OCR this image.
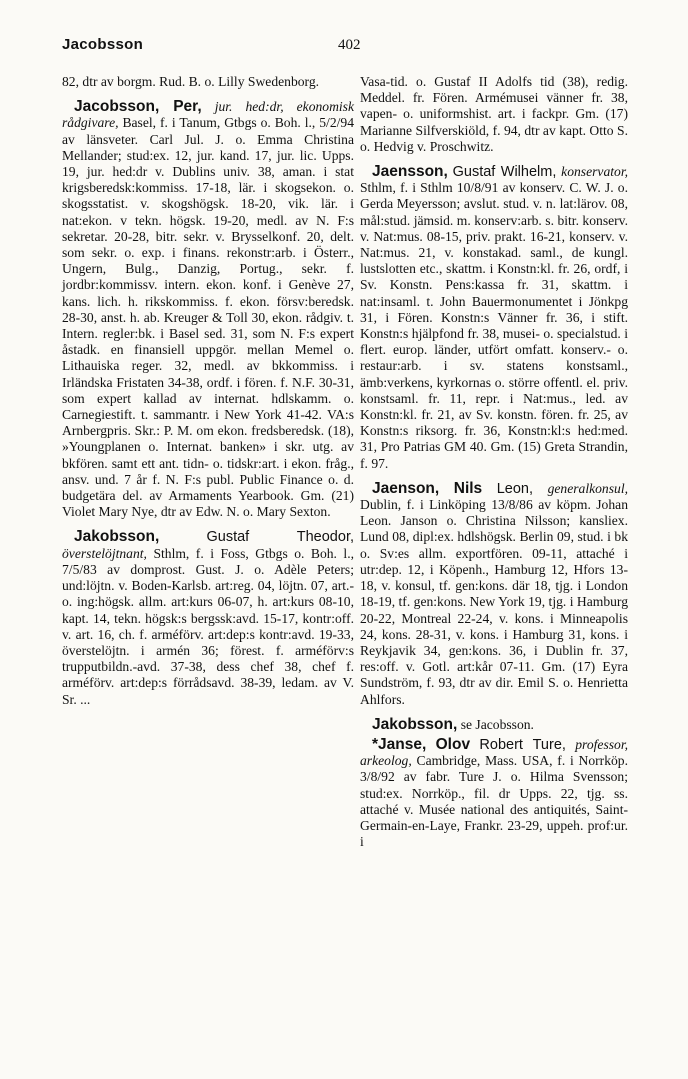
Jacobsson	402

82, dtr av borgm. Rud. B. o. Lilly Swedenborg.

Jacobsson, Per, jur. hed:dr, ekonomisk rådgivare, Basel, f. i Tanum, Gtbgs o. Boh. l., 5/2/94 av länsveter. Carl Jul. J. o. Emma Christina Mellander; stud:ex. 12, jur. kand. 17, jur. lic. Upps. 19, jur. hed:dr v. Dublins univ. 38, aman. i stat krigsberedsk:kommiss. 17-18, lär. i skogsekon. o. skogsstatist. v. skogshögsk. 18-20, vik. lär. i nat:ekon. v tekn. högsk. 19-20, medl. av N. F:s sekretar. 20-28, bitr. sekr. v. Brysselkonf. 20, delt. som sekr. o. exp. i finans. rekonstr:arb. i Österr., Ungern, Bulg., Danzig, Portug., sekr. f. jordbr:kommissv. intern. ekon. konf. i Genève 27, kans. lich. h. rikskommiss. f. ekon. försv:beredsk. 28-30, anst. h. ab. Kreuger & Toll 30, ekon. rådgiv. t. Intern. regler:bk. i Basel sed. 31, som N. F:s expert åstadk. en finansiell uppgör. mellan Memel o. Lithauiska reger. 32, medl. av bkkommiss. i Irländska Fristaten 34-38, ordf. i fören. f. N.F. 30-31, som expert kallad av internat. hdlskamm. o. Carnegiestift. t. sammantr. i New York 41-42. VA:s Arnbergpris. Skr.: P. M. om ekon. fredsberedsk. (18), »Youngplanen o. Internat. banken» i skr. utg. av bkfören. samt ett ant. tidn- o. tidskr:art. i ekon. fråg., ansv. und. 7 år f. N. F:s publ. Public Finance o. d. budgetära del. av Armaments Yearbook. Gm. (21) Violet Mary Nye, dtr av Edw. N. o. Mary Sexton.

Jakobsson,	Gustaf Theodor, överstelöjtnant, Sthlm, f. i Foss, Gtbgs o. Boh. l., 7/5/83 av domprost. Gust. J. o. Adèle Peters; und:löjtn. v. Boden-Karlsb. art:reg. 04, löjtn. 07, art.- o. ing:högsk. allm. art:kurs 06-07, h. art:kurs 08-10, kapt. 14, tekn. högsk:s bergssk:avd. 15-17, kontr:off. v. art. 16, ch. f. arméförv. art:dep:s kontr:avd. 19-33, överstelöjtn. i armén 36; förest. f. arméförv:s trupputbildn.-avd. 37-38, dess chef 38, chef f. arméförv. art:dep:s förrådsavd. 38-39, ledam. av V. Sr. ...

Vasa-tid. o. Gustaf II Adolfs tid (38), redig. Meddel. fr. Fören. Armémusei vänner fr. 38, vapen- o. uniformshist. art. i fackpr. Gm. (17) Marianne Silfverskiöld, f. 94, dtr av kapt. Otto S. o. Hedvig v. Proschwitz.

Jaensson, Gustaf Wilhelm, konservator, Sthlm, f. i Sthlm 10/8/91 av konserv. C. W. J. o. Gerda Meyersson; avslut. stud. v. n. lat:lärov. 08, mål:stud. jämsid. m. konserv:arb. s. bitr. konserv. v. Nat:mus. 08-15, priv. prakt. 16-21, konserv. v. Nat:mus. 21, v. konstakad. saml., de kungl. lustslotten etc., skattm. i Konstn:kl. fr. 26, ordf, i Sv. Konstn. Pens:kassa fr. 31, skattm. i nat:insaml. t. John Bauermonumentet i Jönkpg 31, i Fören. Konstn:s Vänner fr. 36, i stift. Konstn:s hjälpfond fr. 38, musei- o. specialstud. i flert. europ. länder, utfört omfatt. konserv.- o. restaur:arb. i sv. statens konstsaml., ämb:verkens, kyrkornas o. större offentl. el. priv. konstsaml. fr. 11, repr. i Nat:mus., led. av Konstn:kl. fr. 21, av Sv. konstn. fören. fr. 25, av Konstn:s riksorg. fr. 36, Konstn:kl:s hed:med. 31, Pro Patrias GM 40. Gm. (15) Greta Strandin, f. 97.

Jaenson, Nils Leon, generalkonsul, Dublin, f. i Linköping 13/8/86 av köpm. Johan Leon. Janson o. Christina Nilsson; kansliex. Lund 08, dipl:ex. hdlshögsk. Berlin 09, stud. i bk o. Sv:es allm. exportfören. 09-11, attaché i utr:dep. 12, i Köpenh., Hamburg 12, Hfors 13-18, v. konsul, tf. gen:kons. där 18, tjg. i London 18-19, tf. gen:kons. New York 19, tjg. i Hamburg 20-22, Montreal 22-24, v. kons. i Minneapolis 24, kons. 28-31, v. kons. i Hamburg 31, kons. i Reykjavik 34, gen:kons. 36, i Dublin fr. 37, res:off. v. Gotl. art:kår 07-11. Gm. (17) Eyra Sundström, f. 93, dtr av dir. Emil S. o. Henrietta Ahlfors.

Jakobsson, se Jacobsson.

*Janse, Olov Robert Ture, professor, arkeolog, Cambridge, Mass. USA, f. i Norrköp. 3/8/92 av fabr. Ture J. o. Hilma Svensson; stud:ex. Norrköp., fil. dr Upps. 22, tjg. ss. attaché v. Musée national des antiquités, Saint-Germain-en-Laye, Frankr. 23-29, uppeh. prof:ur. i
